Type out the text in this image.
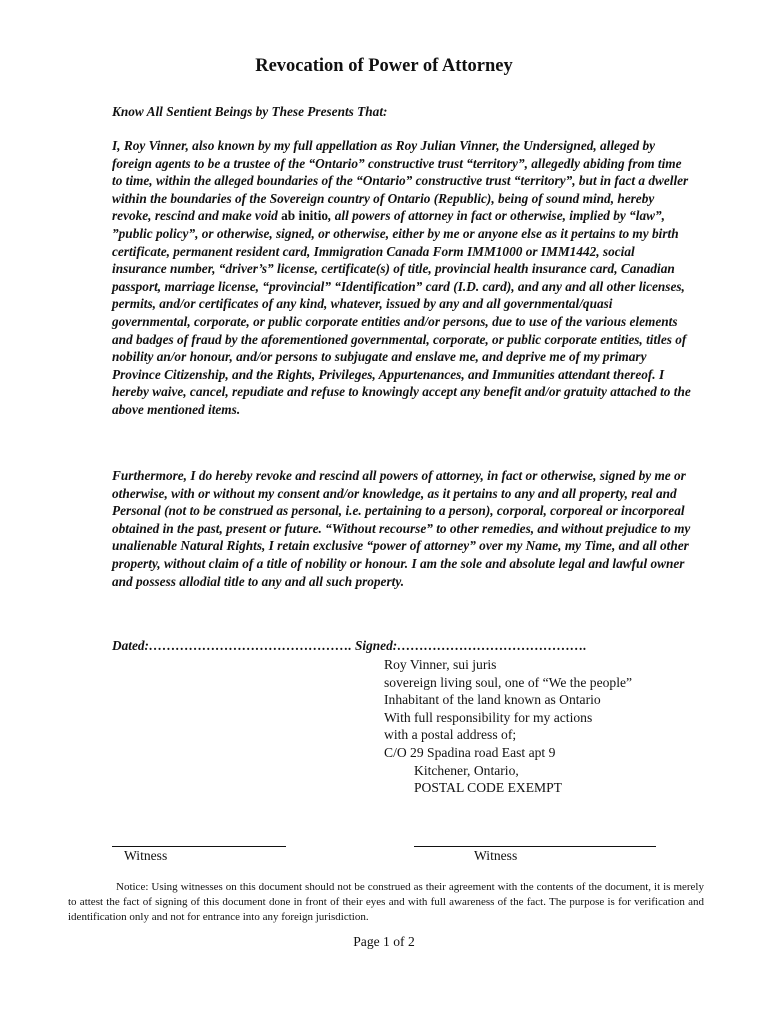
Revocation of Power of Attorney
Know All Sentient Beings by These Presents That:

I, Roy Vinner, also known by my full appellation as Roy Julian Vinner, the Undersigned, alleged by foreign agents to be a trustee of the “Ontario” constructive trust “territory”, allegedly abiding from time to time, within the alleged boundaries of the “Ontario” constructive trust “territory”, but in fact a dweller within the boundaries of the Sovereign country of Ontario (Republic), being of sound mind, hereby revoke, rescind and make void ab initio, all powers of attorney in fact or otherwise, implied by “law”, ”public policy”, or otherwise, signed, or otherwise, either by me or anyone else as it pertains to my birth certificate, permanent resident card, Immigration Canada Form IMM1000 or IMM1442, social insurance number, “driver’s” license, certificate(s) of title, provincial health insurance card, Canadian passport, marriage license, “provincial” “Identification” card (I.D. card), and any and all other licenses, permits, and/or certificates of any kind, whatever, issued by any and all governmental/quasi governmental, corporate, or public corporate entities and/or persons, due to use of the various elements and badges of fraud by the aforementioned governmental, corporate, or public corporate entities, titles of nobility an/or honour, and/or persons to subjugate and enslave me, and deprive me of my primary Province Citizenship, and the Rights, Privileges, Appurtenances, and Immunities attendant thereof. I hereby waive, cancel, repudiate and refuse to knowingly accept any benefit and/or gratuity attached to the above mentioned items.

Furthermore, I do hereby revoke and rescind all powers of attorney, in fact or otherwise, signed by me or otherwise, with or without my consent and/or knowledge, as it pertains to any and all property, real and Personal (not to be construed as personal, i.e. pertaining to a person), corporal, corporeal or incorporeal obtained in the past, present or future. “Without recourse” to other remedies, and without prejudice to my unalienable Natural Rights, I retain exclusive “power of attorney” over my Name, my Time, and all other property, without claim of a title of nobility or honour. I am the sole and absolute legal and lawful owner and possess allodial title to any and all such property.

Dated:………………………………………. Signed:…………………………………….
Roy Vinner, sui juris
sovereign living soul, one of “We the people”
Inhabitant of the land known as Ontario
With full responsibility for my actions
with a postal address of;
C/O 29 Spadina road East apt 9
Kitchener, Ontario,
POSTAL CODE EXEMPT
Witness	Witness

Notice: Using witnesses on this document should not be construed as their agreement with the contents of the document, it is merely to attest the fact of signing of this document done in front of their eyes and with full awareness of the fact. The purpose is for verification and identification only and not for entrance into any foreign jurisdiction.

Page 1 of 2
